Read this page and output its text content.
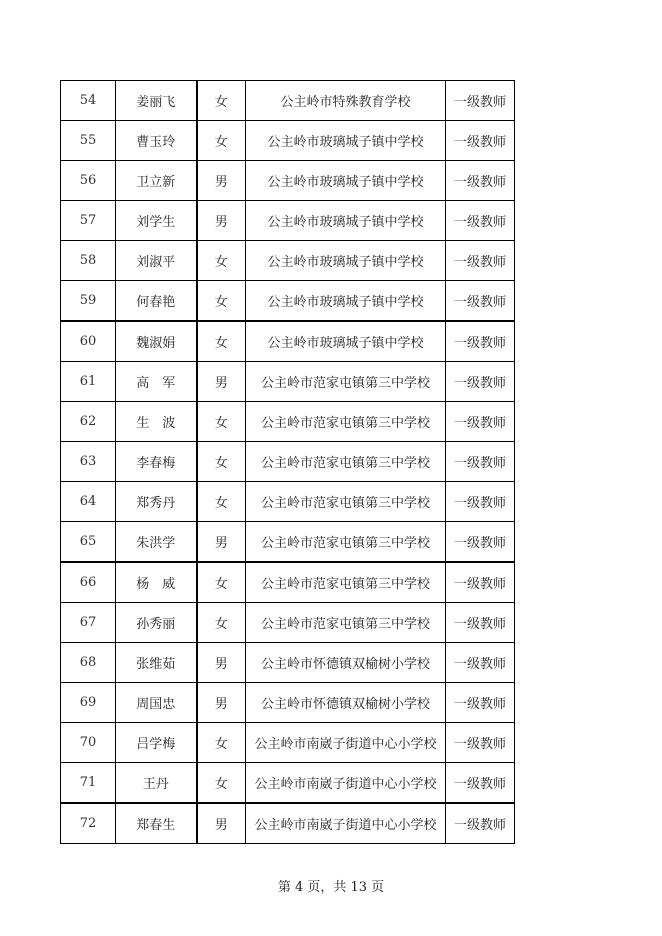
54	姜丽飞	女	公主岭市特殊教育学校	一级教师
55	曹玉玲	女	公主岭市玻璃城子镇中学校	一级教师
56	卫立新	男	公主岭市玻璃城子镇中学校	一级教师
57	刘学生	男	公主岭市玻璃城子镇中学校	一级教师
58	刘淑平	女	公主岭市玻璃城子镇中学校	一级教师
59	何春艳	女	公主岭市玻璃城子镇中学校	一级教师
60	魏淑娟	女	公主岭市玻璃城子镇中学校	一级教师
61	高　军	男	公主岭市范家屯镇第三中学校	一级教师
62	生　波	女	公主岭市范家屯镇第三中学校	一级教师
63	李春梅	女	公主岭市范家屯镇第三中学校	一级教师
64	郑秀丹	女	公主岭市范家屯镇第三中学校	一级教师
65	朱洪学	男	公主岭市范家屯镇第三中学校	一级教师
66	杨　威	女	公主岭市范家屯镇第三中学校	一级教师
67	孙秀丽	女	公主岭市范家屯镇第三中学校	一级教师
68	张维茹	男	公主岭市怀德镇双榆树小学校	一级教师
69	周国忠	男	公主岭市怀德镇双榆树小学校	一级教师
70	吕学梅	女	公主岭市南崴子街道中心小学校	一级教师
71	王丹	女	公主岭市南崴子街道中心小学校	一级教师
72	郑春生	男	公主岭市南崴子街道中心小学校	一级教师
第 4 页，共 13 页
